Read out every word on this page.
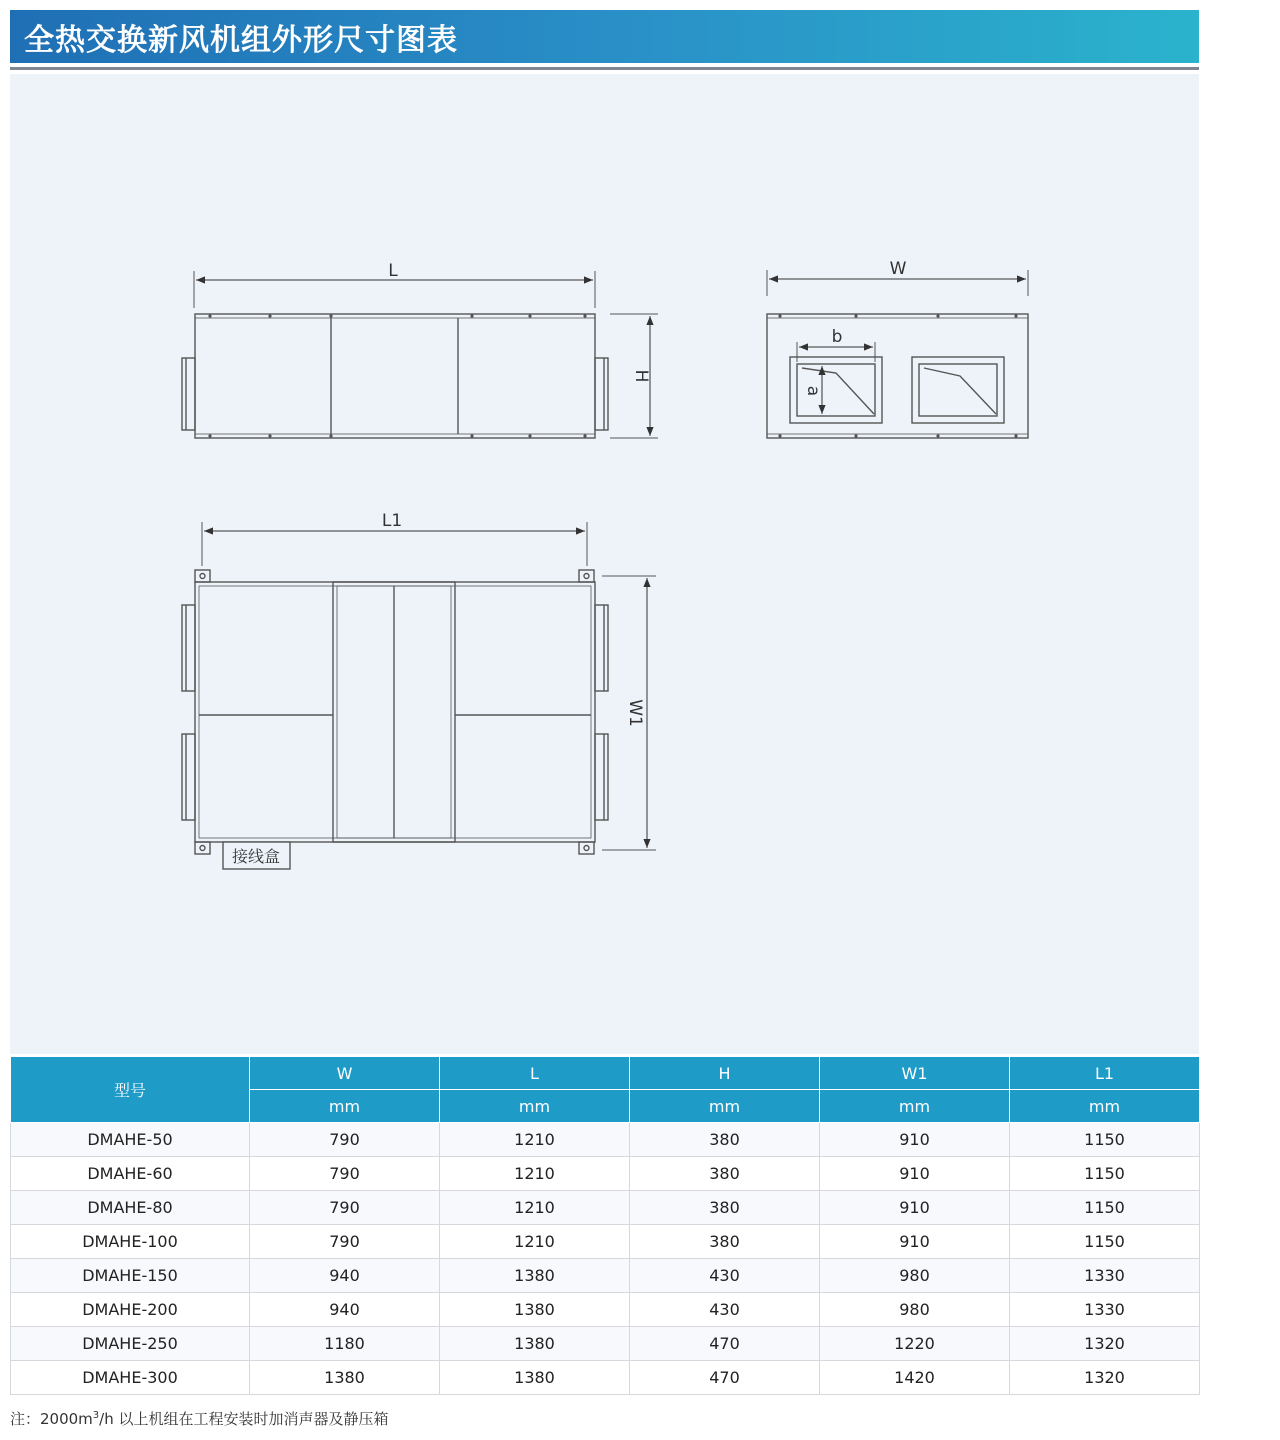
全热交换新风机组外形尺寸图表
L
H
W
b
a
L1
W1
接线盒
型号	W	L	H	W1	L1
	mm	mm	mm	mm	mm
DMAHE-50	790	1210	380	910	1150
DMAHE-60	790	1210	380	910	1150
DMAHE-80	790	1210	380	910	1150
DMAHE-100	790	1210	380	910	1150
DMAHE-150	940	1380	430	980	1330
DMAHE-200	940	1380	430	980	1330
DMAHE-250	1180	1380	470	1220	1320
DMAHE-300	1380	1380	470	1420	1320
注：$2000m^3/h$ 以上机组在工程安装时加消声器及静压箱
